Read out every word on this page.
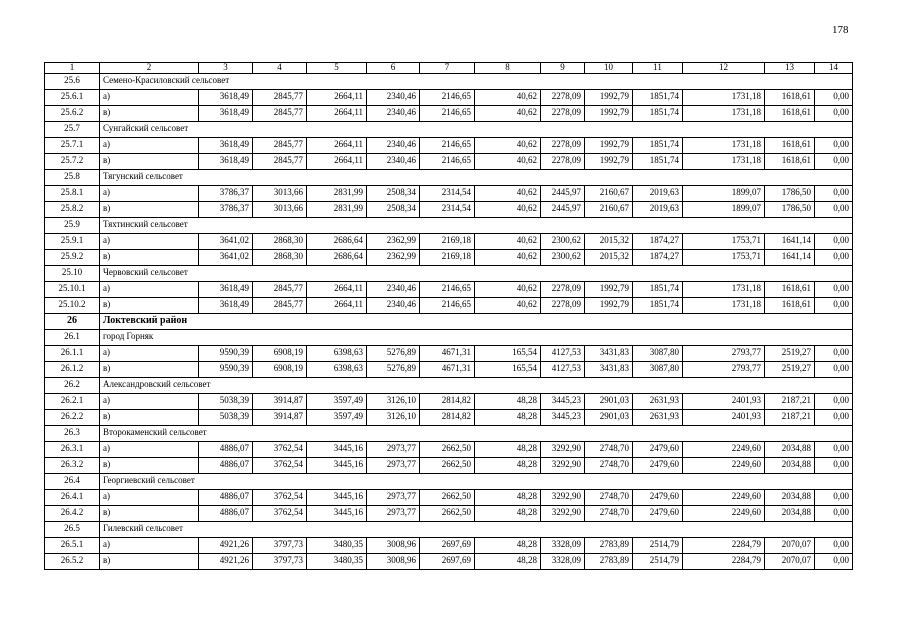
178
1	2	3	4	5	6	7	8	9	10	11	12	13	14
25.6	Семено-Красиловский сельсовет												
25.6.1	а)	3618,49	2845,77	2664,11	2340,46	2146,65	40,62	2278,09	1992,79	1851,74	1731,18	1618,61	0,00
25.6.2	в)	3618,49	2845,77	2664,11	2340,46	2146,65	40,62	2278,09	1992,79	1851,74	1731,18	1618,61	0,00
25.7	Сунгайский сельсовет												
25.7.1	а)	3618,49	2845,77	2664,11	2340,46	2146,65	40,62	2278,09	1992,79	1851,74	1731,18	1618,61	0,00
25.7.2	в)	3618,49	2845,77	2664,11	2340,46	2146,65	40,62	2278,09	1992,79	1851,74	1731,18	1618,61	0,00
25.8	Тягунский сельсовет												
25.8.1	а)	3786,37	3013,66	2831,99	2508,34	2314,54	40,62	2445,97	2160,67	2019,63	1899,07	1786,50	0,00
25.8.2	в)	3786,37	3013,66	2831,99	2508,34	2314,54	40,62	2445,97	2160,67	2019,63	1899,07	1786,50	0,00
25.9	Тяхтинский сельсовет												
25.9.1	а)	3641,02	2868,30	2686,64	2362,99	2169,18	40,62	2300,62	2015,32	1874,27	1753,71	1641,14	0,00
25.9.2	в)	3641,02	2868,30	2686,64	2362,99	2169,18	40,62	2300,62	2015,32	1874,27	1753,71	1641,14	0,00
25.10	Червовский сельсовет												
25.10.1	а)	3618,49	2845,77	2664,11	2340,46	2146,65	40,62	2278,09	1992,79	1851,74	1731,18	1618,61	0,00
25.10.2	в)	3618,49	2845,77	2664,11	2340,46	2146,65	40,62	2278,09	1992,79	1851,74	1731,18	1618,61	0,00
26	Локтевский район												
26.1	город Горняк												
26.1.1	а)	9590,39	6908,19	6398,63	5276,89	4671,31	165,54	4127,53	3431,83	3087,80	2793,77	2519,27	0,00
26.1.2	в)	9590,39	6908,19	6398,63	5276,89	4671,31	165,54	4127,53	3431,83	3087,80	2793,77	2519,27	0,00
26.2	Александровский сельсовет												
26.2.1	а)	5038,39	3914,87	3597,49	3126,10	2814,82	48,28	3445,23	2901,03	2631,93	2401,93	2187,21	0,00
26.2.2	в)	5038,39	3914,87	3597,49	3126,10	2814,82	48,28	3445,23	2901,03	2631,93	2401,93	2187,21	0,00
26.3	Второкаменский сельсовет												
26.3.1	а)	4886,07	3762,54	3445,16	2973,77	2662,50	48,28	3292,90	2748,70	2479,60	2249,60	2034,88	0,00
26.3.2	в)	4886,07	3762,54	3445,16	2973,77	2662,50	48,28	3292,90	2748,70	2479,60	2249,60	2034,88	0,00
26.4	Георгиевский сельсовет												
26.4.1	а)	4886,07	3762,54	3445,16	2973,77	2662,50	48,28	3292,90	2748,70	2479,60	2249,60	2034,88	0,00
26.4.2	в)	4886,07	3762,54	3445,16	2973,77	2662,50	48,28	3292,90	2748,70	2479,60	2249,60	2034,88	0,00
26.5	Гилевский сельсовет												
26.5.1	а)	4921,26	3797,73	3480,35	3008,96	2697,69	48,28	3328,09	2783,89	2514,79	2284,79	2070,07	0,00
26.5.2	в)	4921,26	3797,73	3480,35	3008,96	2697,69	48,28	3328,09	2783,89	2514,79	2284,79	2070,07	0,00
